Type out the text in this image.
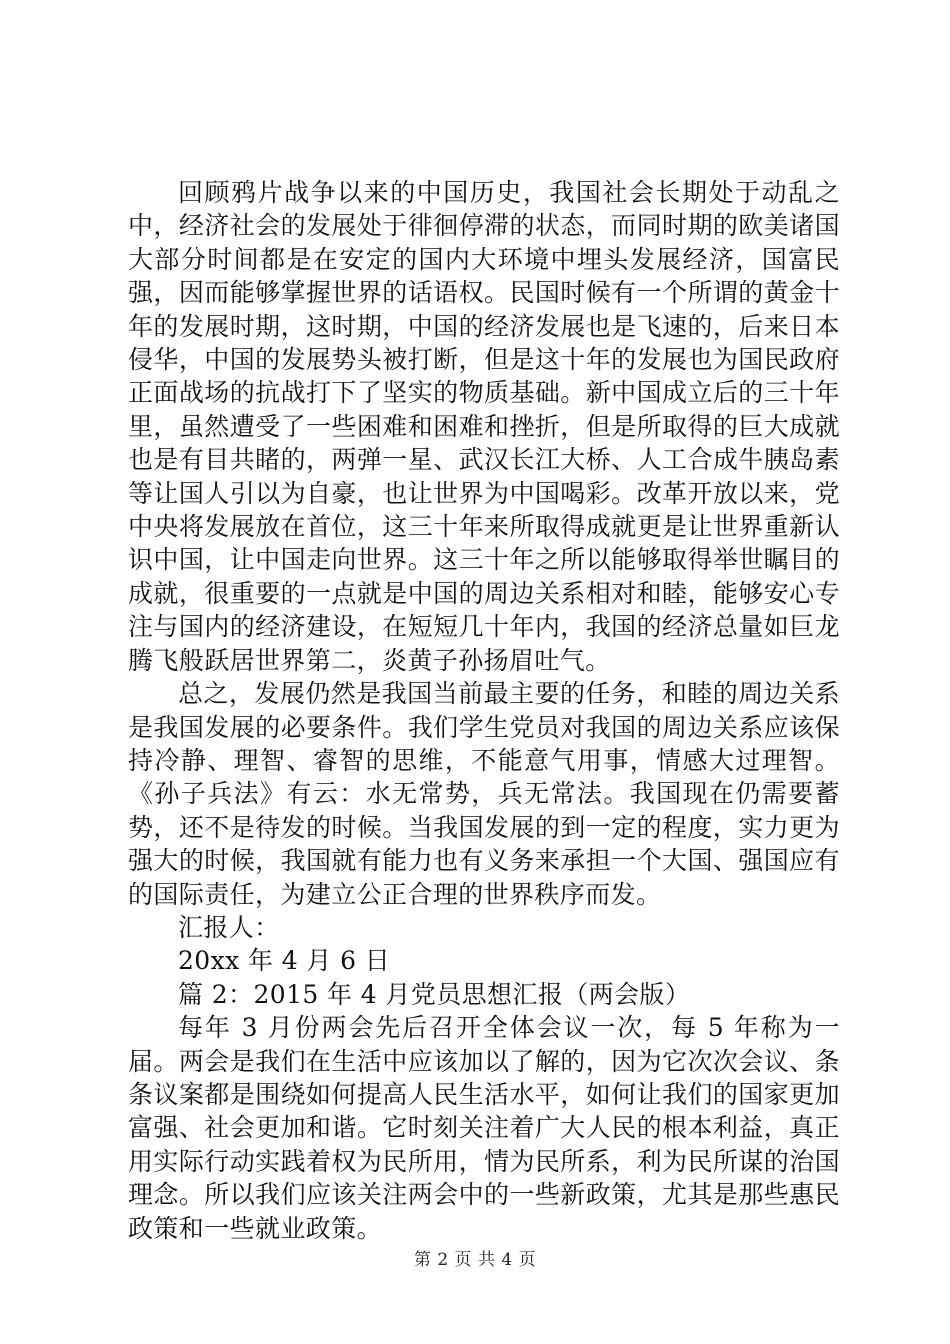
回顾鸦片战争以来的中国历史，我国社会长期处于动乱之中，经济社会的发展处于徘徊停滞的状态，而同时期的欧美诸国大部分时间都是在安定的国内大环境中埋头发展经济，国富民强，因而能够掌握世界的话语权。民国时候有一个所谓的黄金十年的发展时期，这时期，中国的经济发展也是飞速的，后来日本侵华，中国的发展势头被打断，但是这十年的发展也为国民政府正面战场的抗战打下了坚实的物质基础。新中国成立后的三十年里，虽然遭受了一些困难和困难和挫折，但是所取得的巨大成就也是有目共睹的，两弹一星、武汉长江大桥、人工合成牛胰岛素等让国人引以为自豪，也让世界为中国喝彩。改革开放以来，党中央将发展放在首位，这三十年来所取得成就更是让世界重新认识中国，让中国走向世界。这三十年之所以能够取得举世瞩目的成就，很重要的一点就是中国的周边关系相对和睦，能够安心专注与国内的经济建设，在短短几十年内，我国的经济总量如巨龙腾飞般跃居世界第二，炎黄子孙扬眉吐气。

总之，发展仍然是我国当前最主要的任务，和睦的周边关系是我国发展的必要条件。我们学生党员对我国的周边关系应该保持冷静、理智、睿智的思维，不能意气用事，情感大过理智。《孙子兵法》有云：水无常势，兵无常法。我国现在仍需要蓄势，还不是待发的时候。当我国发展的到一定的程度，实力更为强大的时候，我国就有能力也有义务来承担一个大国、强国应有的国际责任，为建立公正合理的世界秩序而发。

汇报人：

20xx 年 4 月 6 日

篇 2：2015 年 4 月党员思想汇报（两会版）

每年 3 月份两会先后召开全体会议一次，每 5 年称为一届。两会是我们在生活中应该加以了解的，因为它次次会议、条条议案都是围绕如何提高人民生活水平，如何让我们的国家更加富强、社会更加和谐。它时刻关注着广大人民的根本利益，真正用实际行动实践着权为民所用，情为民所系，利为民所谋的治国理念。所以我们应该关注两会中的一些新政策，尤其是那些惠民政策和一些就业政策。

第 2 页 共 4 页
